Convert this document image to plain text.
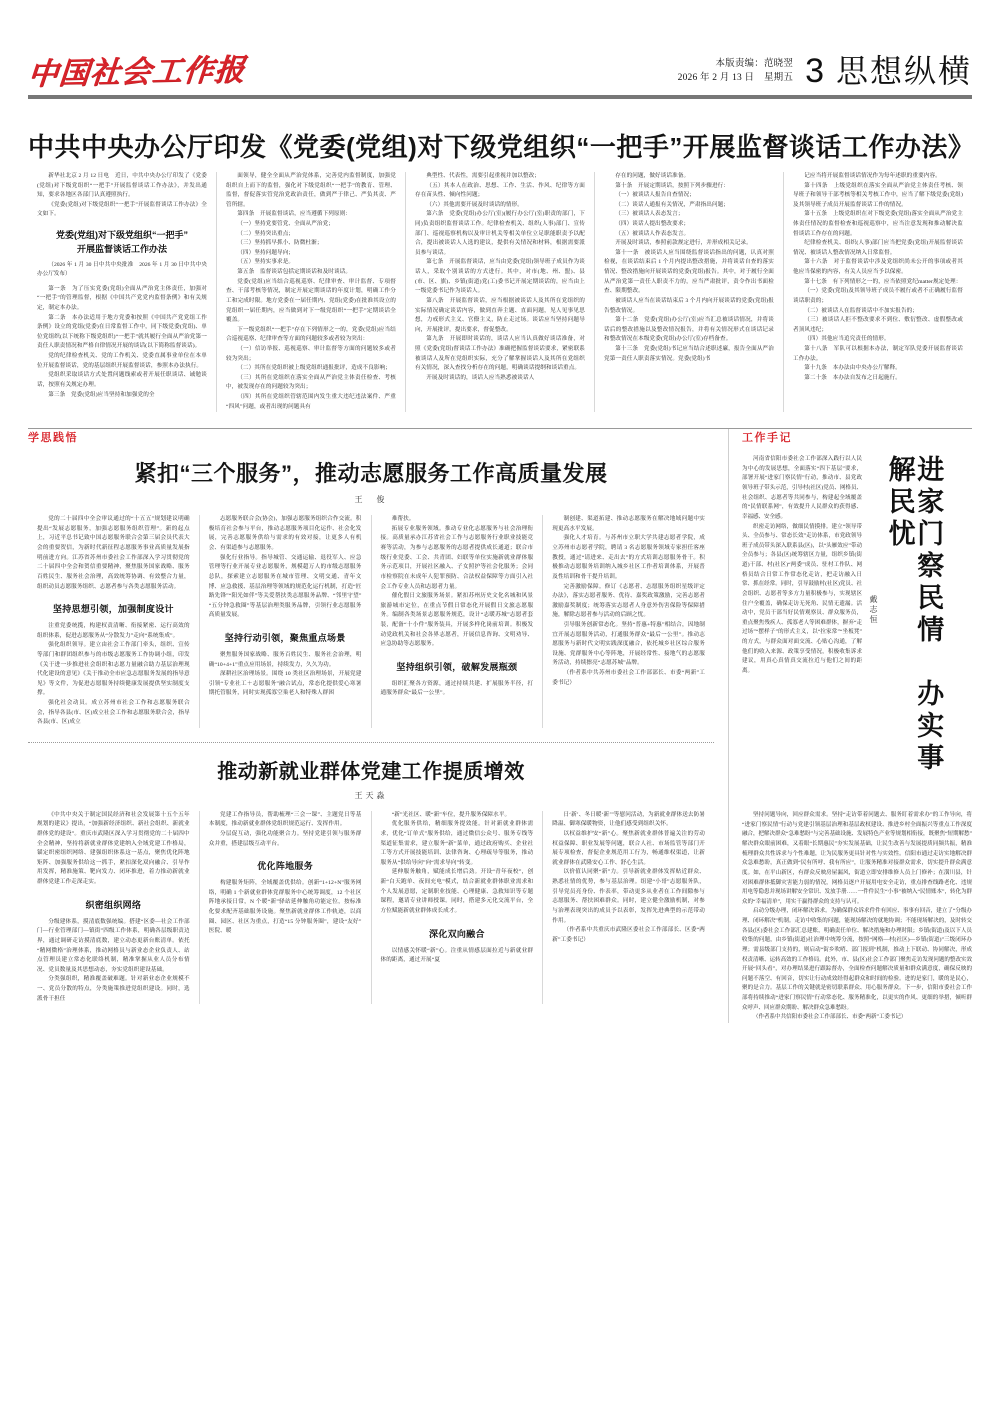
中国社会工作报	本版责编：范晓翌
2026 年 2 月 13 日　星期五 3 思想纵横
中共中央办公厅印发《党委(党组)对下级党组织“一把手”开展监督谈话工作办法》

新华社北京 2 月 12 日电　近日，中共中央办公厅印发了《党委(党组)对下级党组织“一把手”开展监督谈话工作办法》，并发出通知，要求各地区各部门认真遵照执行。

《党委(党组)对下级党组织“一把手”开展监督谈话工作办法》全文如下。

党委(党组)对下级党组织“一把手”
开展监督谈话工作办法
（2026 年 1 月 30 日中共中央批准　2026 年 1 月 30 日中共中央办公厅发布）

第一条　为了压实党委(党组)全面从严治党主体责任，加强对“一把手”的管理监督，根据《中国共产党党内监督条例》和有关规定，制定本办法。

第二条　本办法适用于地方党委和按照《中国共产党党组工作条例》设立的党组(党委)在日常监督工作中，同下级党委(党组)、单位党组织(以下统称下级党组织)“一把手”就其履行全面从严治党第一责任人职责情况和严格自律情况开展的谈话(以下简称监督谈话)。

党的纪律检查机关、党的工作机关、党委直属事业单位在本单位开展监督谈话，党的基层组织开展监督谈话，参照本办法执行。

党组织采取谈话方式处置问题线索或者开展任职谈话、诫勉谈话，按照有关规定办理。

第三条　党委(党组)应当坚持和加强党的全

面领导，健全全面从严治党体系，完善党内监督制度，加强党组织自上而下的监督，强化对下级党组织“一把手”的教育、管理、监督，督促落实管党治党政治责任，做到严于律己、严负其责、严管所辖。

第四条　开展监督谈话，应当遵循下列原则：

（一）坚持党要管党、全面从严治党；

（二）坚持突出重点；

（三）坚持抓早抓小、防微杜渐；

（四）坚持问题导向；

（五）坚持实事求是。

第五条　监督谈话包括定期谈话和及时谈话。

党委(党组)应当结合巡视巡察、纪律审查、审计监督、专项督查、干部考核等情况，制定开展定期谈话的年度计划，明确工作分工和完成时限。地方党委在一届任期内、党组(党委)在批准其设立的党组织一届任期内，应当做到对下一级党组织“一把手”定期谈话全覆盖。

下一级党组织“一把手”存在下列情形之一的，党委(党组)应当结合巡视巡察、纪律审查等方面的问题较多或者较为突出：

（一）信访举报、巡视巡察、审计监督等方面的问题较多或者较为突出；

（二）其所在党组织被上级党组织通报批评，造成不良影响；

（三）其所在党组织在落实全面从严治党主体责任检查、考核中，被发现存在的问题较为突出；

（四）其所在党组织管辖范围内发生重大违纪违法案件、严重“四风”问题，或者出现的问题具有

典型性、代表性，需要引起重视并加以整改；

（五）其本人在政治、思想、工作、生活、作风、纪律等方面存在苗头性、倾向性问题；

（六）其他需要开展及时谈话的情形。

第六条　党委(党组)办公厅(室)(履行办公厅(室)职责的部门，下同)负责组织监督谈话工作。纪律检查机关、组织(人事)部门、宣传部门、巡视巡察机构以及审计机关等相关单位立足职能职责予以配合，提出被谈话人人选的建议，提供有关情况和材料，根据需要派员参与谈话。

第七条　开展监督谈话，应当由党委(党组)领导班子成员作为谈话人，采取个别谈话的方式进行。其中，对市(地、州、盟)、县(市、区、旗)、乡镇(街道)党(工)委书记开展定期谈话的，应当由上一级党委书记作为谈话人。

第八条　开展监督谈话，应当根据被谈话人及其所在党组织的实际情况确定谈话内容，做到直奔主题、直面问题，见人见事见思想，力戒形式主义、官僚主义，防止走过场。谈话应当坚持问题导向，开展批评，提出要求，督促整改。

第九条　开展即时谈话的，谈话人应当认真做好谈话准备，对照《党委(党组)督谈话工作办法》准确把握监督谈话要求，紧密联系被谈话人及所在党组织实际，充分了解掌握谈话人及其所在党组织有关情况，深入查找分析存在的问题，明确谈话提纲和谈话重点。

开展及时谈话的，谈话人应当熟悉被谈话人

存在的问题，做好谈话准备。

第十条　开展定期谈话，按照下列步骤进行：

（一）被谈话人报告自查情况；

（二）谈话人通报有关情况，严肃指出问题；

（三）被谈话人表态发言；

（四）谈话人提出整改要求；

（五）被谈话人作表态发言。

开展及时谈话，参照前款规定进行，并形成相关记录。

第十一条　被谈话人应当围绕监督谈话指出的问题，认真对照检视，在谈话结束后 1 个月内提出整改措施，并将谈话自查的落实情况、整改措施向开展谈话的党委(党组)报告。其中，对于履行全面从严治党第一责任人职责不力的，应当严肃批评，责令作出书面检查、限期整改。

被谈话人应当在谈话结束后 3 个月内向开展谈话的党委(党组)报告整改情况。

第十二条　党委(党组)办公厅(室)应当汇总被谈话情况，并将谈话后的整改措施以及整改情况报告，并将有关情况形式在谈话记录和整改情况在本级党委(党组)办公厅(室)存档备查。

第十三条　党委(党组)书记应当结合述职述廉，报告全面从严治党第一责任人职责落实情况。党委(党组)书

记应当将开展监督谈话情况作为每年述职的重要内容。

第十四条　上级党组织在落实全面从严治党主体责任考核、领导班子和领导干部考核等相关考核工作中，应当了解下级党委(党组)及其领导班子成员开展监督谈话工作的情况。

第十五条　上级党组织在对下级党委(党组)落实全面从严治党主体责任情况的监督检查和巡视巡察中，应当注意发现和推动解决监督谈话工作存在的问题。

纪律检查机关、组织(人事)部门应当把党委(党组)开展监督谈话情况、被谈话人整改情况纳入日常监督。

第十六条　对于监督谈话中涉及党组织尚未公开的事项或者其他应当保密的内容，有关人员应当予以保密。

第十七条　有下列情形之一的，应当依照党纪matter规定处理：

（一）党委(党组)及其领导班子成员不履行或者不正确履行监督谈话职责的；

（二）被谈话人在监督谈话中不加实报告的；

（三）被谈话人拒不整改要求不到位、敷衍整改、虚假整改或者顶风违纪；

（四）其他应当追究责任的情形。

第十八条　军队可以根据本办法，制定军队党委开展监督谈话工作办法。

第十九条　本办法由中央办公厅解释。

第二十条　本办法自发布之日起施行。

学思践悟
紧扣“三个服务”，推动志愿服务工作高质量发展
王　俊

党的二十届四中全会审议通过的“十五五”规划建议明确提出“发展志愿服务，加强志愿服务组织管理”。新的起点上，习近平总书记致中国志愿服务联合会第三届会员代表大会的重要贺信，为新时代新征程志愿服务事业高质量发展指明前进方向。江苏省苏州市委社会工作部深入学习贯彻党的二十届四中全会和贺信重要精神，聚焦服务国家战略、服务百姓民生、服务社会治理，高效统筹协调、有效整合力量，组织动员志愿服务组织、志愿者参与各类志愿服务活动。

坚持思想引领，加强制度设计

注重党委统揽，构建权责清晰、衔接紧密、运行高效的组织体系，促进志愿服务从“分散发力”走向“系统集成”。

强化组织领导。建立由社会工作部门牵头，组织、宣传等部门和群团组织参与的市级志愿服务工作协调小组，印发《关于进一步推进社会组织和志愿力量融合助力基层治理现代化建设的意见》《关于推动全市应急志愿服务发展的指导意见》等文件，为促进志愿服务持续健康发展提供坚实制度支撑。

强化社会动员。成立苏州市社会工作和志愿服务联合会，指导各县(市、区)成立社会工作和志愿服务联合会，指导各县(市、区)成立

志愿服务联合会(协会)，加强志愿服务组织合作交流。积极培育社会参与平台，推动志愿服务项目化运作、社会化发展，完善志愿服务供给与需求的有效对接，让更多人有机会、有渠道参与志愿服务。

强化行业指导。指导城管、交通运输、退役军人、应急管理等行业开展专业志愿服务，规模超万人的市级志愿服务总队，探索建立志愿服务在城市管理、文明交通、青年文博、应急救援、基层治理等领域的规范化运行机制，打造“匠路先锋”“阳光如伴”等关爱帮扶类志愿服务品牌、“邻里守望”“五分钟急救圈”等基层治理类服务品牌，引领行业志愿服务高质量发展。

坚持行动引领，聚焦重点场景

聚焦服务国家战略、服务百姓民生、服务社会治理，明确“10+4+1”重点应用场景，持续发力，久久为功。

深耕社区治理场景。围绕 10 类社区治理场景，开展党建引领“专业社工＋志愿服务”融合试点，常态化提供爱心寒暑期托管服务，同时实现孤寡空巢老人和特殊人群困

难帮扶。

拓展专业服务领域。推动专业化志愿服务与社会治理衔接。高质量承办江苏省社会工作与志愿服务行业职业技能竞赛等活动，为参与志愿服务的志愿者提供成长通道；联合市级行业党委、工会、共青团、妇联等单位实施新就业群体服务示范项目，开展社区融入、子女照护等社会化服务；会同市检察院在未成年人犯罪预防、合法权益保障等方面引入社会工作专业人员和志愿者力量。

催化假日文旅服务场景。紧扣苏州历史文化名城和风景旅游城市定位，在重点节假日常态化开展假日文旅志愿服务。编制各类场景志愿服务规范，设计“志暖苏城”志愿者套装，配备“十小件”服务装具，开展多样化岗前培训。积极发动党政机关和社会各界志愿者，开展信息咨询、文明劝导、应急协助等志愿服务。

坚持组织引领，破解发展瓶颈

组织汇聚各方资源，通过持续共建、扩展服务半径，打通服务群众“最后一公里”。

制创建、渠道拓建、推动志愿服务在解决地域问题中实现更高水平发展。

强化人才培育。与苏州市立职大学共建志愿者学院，成立苏州市志愿者学院，聘请 3 名志愿服务领域专家担任客座教授，通过“请进来、走出去”的方式培训志愿服务骨干。积极推动志愿服务培训纳入城乡社区工作者培训体系，开展普及性培训和骨干提升培训。

完善激励保障。修订《志愿者、志愿服务组织星级评定办法》，落实志愿者服务、优待、嘉奖政策激励，完善志愿者激励嘉奖制度；统筹落实志愿者人身意外伤害保险等保障措施，解除志愿者参与活动的后顾之忧。

引导服务创新常态化。坚持“普惠+特惠”相结合，因地制宜开展志愿服务活动，打通服务群众“最后一公里”。推动志愿服务与新时代文明实践深度融合，依托城乡社区综合服务设施、党群服务中心等阵地，开展经常性、接地气的志愿服务活动，持续擦亮“志愿苏城”品牌。

（作者系中共苏州市委社会工作部部长、市委“两新”工委书记）

推动新就业群体党建工作提质增效
王天淼

《中共中央关于制定国民经济和社会发展第十五个五年规划的建议》提出，“加强新经济组织、新社会组织、新就业群体党的建设”。重庆市武隆区深入学习贯彻党的二十届四中全会精神，坚持将新就业群体党建纳入全域党建工作格局，锚定织密组织网络、建强组织体系这一基点，聚焦优化阵地矩阵、加强服务供给这一抓手，紧扣深化双向融合、引导作用发挥，精准施策、靶向发力、闭环推进，着力推动新就业群体党建工作走深走实。

织密组织网络

分级建体系，摸清底数强统编。搭建“区委—社会工作部门—行业管理部门—镇街”四级工作体系，明确各层级职责边界，通过调研走访摸清底数，建立动态更新台账清单。依托“精网微格”治理体系，推动网格员与新业态企业负责人、站点管理员建立常态化联络机制，精准掌握从业人员分布情况、党员数量及其思想动态，夯实党组织建设基础。

分类强组织，精准覆盖破难题。针对新业态企业规模不一、党员分散的特点，分类施策推进党组织建设。同时，选派骨干担任

党建工作指导员，帮助梳理“三会一课”、主题党日等基本制度，推动新就业群体党组织规范运行、发挥作用。

分层促互动，强化功能聚合力。坚持党建引领与服务群众并重，搭建层级互动平台。

优化阵地服务

构建服务矩阵，全域覆盖优供给。创新“1+12+N”服务网络，明确 1 个新就业群体党群服务中心统筹调度，12 个社区阵地承接日常，N 个暖“新”驿站延伸触角功能定位，按标准化要求配齐基础服务设施。聚焦新就业群体工作轨迹，以商圈、园区、社区为重点，打造“15 分钟服务圈”，建设“友好”医院、暖

“新”光社区、暖“新”车位，提升服务保障水平。

优化服务供给，精细服务提效能。针对新就业群体需求，优化“订单式”服务供给，通过微信公众号、服务专线等渠道征集需求，建立服务“新”菜单，通过政府购买、企业社工等方式开展技能培训、法律咨询、心理疏导等服务，推动服务从“供给导向”向“需求导向”转变。

延伸服务触角，赋能成长增后劲。开设“青年夜校”，创新“白天跑单、夜间充电”模式，结合新就业群体职业需求和个人发展意愿，定制职业技能、心理健康、急救知识等专题课程，邀请专业讲师授课。同时，搭建多元化交流平台，全方位赋能新就业群体成长成才。

深化双向融合

以情感关怀暖“新”心。注重从情感层面拉近与新就业群体的距离，通过开展“夏

日‘新’、冬日暖‘新’”等慰问活动，为新就业群体送去防暑降温、御寒保暖物资，让他们感受到组织关怀。

以权益维护安“新”心。聚焦新就业群体普遍关注的劳动权益保障、职业发展等问题，联合人社、市场监管等部门开展专项检查，督促企业规范用工行为，畅通维权渠道，让新就业群体在武隆安心工作、舒心生活。

以价值认同聚“新”力。引导新就业群体发挥贴近群众、熟悉社情的优势，参与基层治理。组建“小哥”志愿服务队，引导党员亮身份、作表率，带动更多从业者在工作间隙参与志愿服务、帮扶困难群众。同时，建立健全激励机制，对参与治理表现突出的成员予以表彰，发挥先进典型的示范带动作用。

（作者系中共重庆市武隆区委社会工作部部长、区委“两新”工委书记）

工作手记

河南省信阳市委社会工作部深入践行以人民为中心的发展思想，全面落实“四下基层”要求，部署开展“进家门察民情”行动，推动市、县党政领导班子带头示范，引导村(社区)党员、网格员、社会组织、志愿者等共同参与，构建起全域覆盖的“民情联系网”，有效提升人民群众的获得感、幸福感、安全感。

织密走访网络，做细民情摸排。建立“领导带头、全员参与、常态长效”走访体系，市党政领导班子成员带头深入联系县(区)，以“头雁效应”带动全员参与；各县(区)统筹辖区力量，组织乡镇(街道)干部、村(社区)“两委”成员、驻村工作队、网格员结合日常工作常态化走访，把走访融入日常、抓在经常。同时，引导鼓励村(社区)党员、社会组织、志愿者等多方力量积极参与，实现辖区住户全覆盖，确保走访无死角、民情无遗漏。活动中，党员干部当好民情观察员、群众服务员，重点聚焦残疾人、孤寡老人等困难群体，摒弃“走过场”“摆样子”的形式主义，以“拉家常”“坐板凳”的方式，与群众面对面交流、心贴心沟通，了解他们的收入来源、政策享受情况，积极收集诉求建议，用真心真情真交流拉近与他们之间的距离。	进家门察民情　办实事解民忧
戴志恒

坚持问题导向，回应群众需求。坚持“走访带着问题去、服务盯着需求办”的工作导向，将“进家门察民情”行动与党建引领基层治理和基层政权建设、推进乡村全面振兴等重点工作深度融合，把解决群众“急难愁盼”与完善基础设施、发展特色产业等规划相衔接，既聚焦“短期解愁”解决群众眼前困难，又着眼“长期惠民”夯实发展基础，让民生改善与发展提质同频共振，精准梳理群众共性诉求与个性难题，让为民服务更具针对性与实效性。信阳市通过走访实地解决群众急难愁盼，真正做到“民有所呼、我有所应”，让服务精准对接群众需求，切实提升群众满意度。如，在平山新区，有群众反映房屋漏风，街道立即安排维修人员上门修补；在潢川县，针对困难群体抵御灾害能力弱的情况，网格员逐户开展用电安全走访，重点排查线路老化、违规用电等隐患并现场讲解安全常识、发放手册……一件件民生“小事”被纳入“民情账本”，转化为群众的“幸福清单”，用实干赢得群众的支持与认可。

启动分级办理，闭环解决诉求。为确保群众诉求件件有回应、事事有回音，建立了“分级办理、闭环解决”机制。走访中收集的问题，能现场解决的就地协调；不能现场解决的，及时转交各县(区)委社会工作部汇总建账，明确责任单位、解决措施和办理时限；乡镇(街道)及以下人员收集的问题，由乡镇(街道)社治理中统筹分流，按照“网格—村(社区)—乡镇(街道)”三级闭环办理；需县级部门支持的，则启动“街乡吹哨、部门报到”机制，推动上下联动、协同解决，形成权责清晰、运转高效的工作格局。此外，市、县(区)社会工作部门聚焦走访发现问题的整改实效开展“回头看”，对办理结果进行跟踪督办，全面检查问题解决质量和群众满意度，确保反映的问题不落空、有回音，切实让行动成效经得起群众和时间的检验。进的是家门，暖的是民心，聚的是合力。基层工作的关键就是密切联系群众、用心服务群众。下一步，信阳市委社会工作部将持续推动“进家门察民情”行动常态化、服务精准化，以更实的作风、更细的举措，倾听群众呼声、回应群众期盼、解决群众急难愁盼。

（作者系中共信阳市委社会工作部部长、市委“两新”工委书记）
